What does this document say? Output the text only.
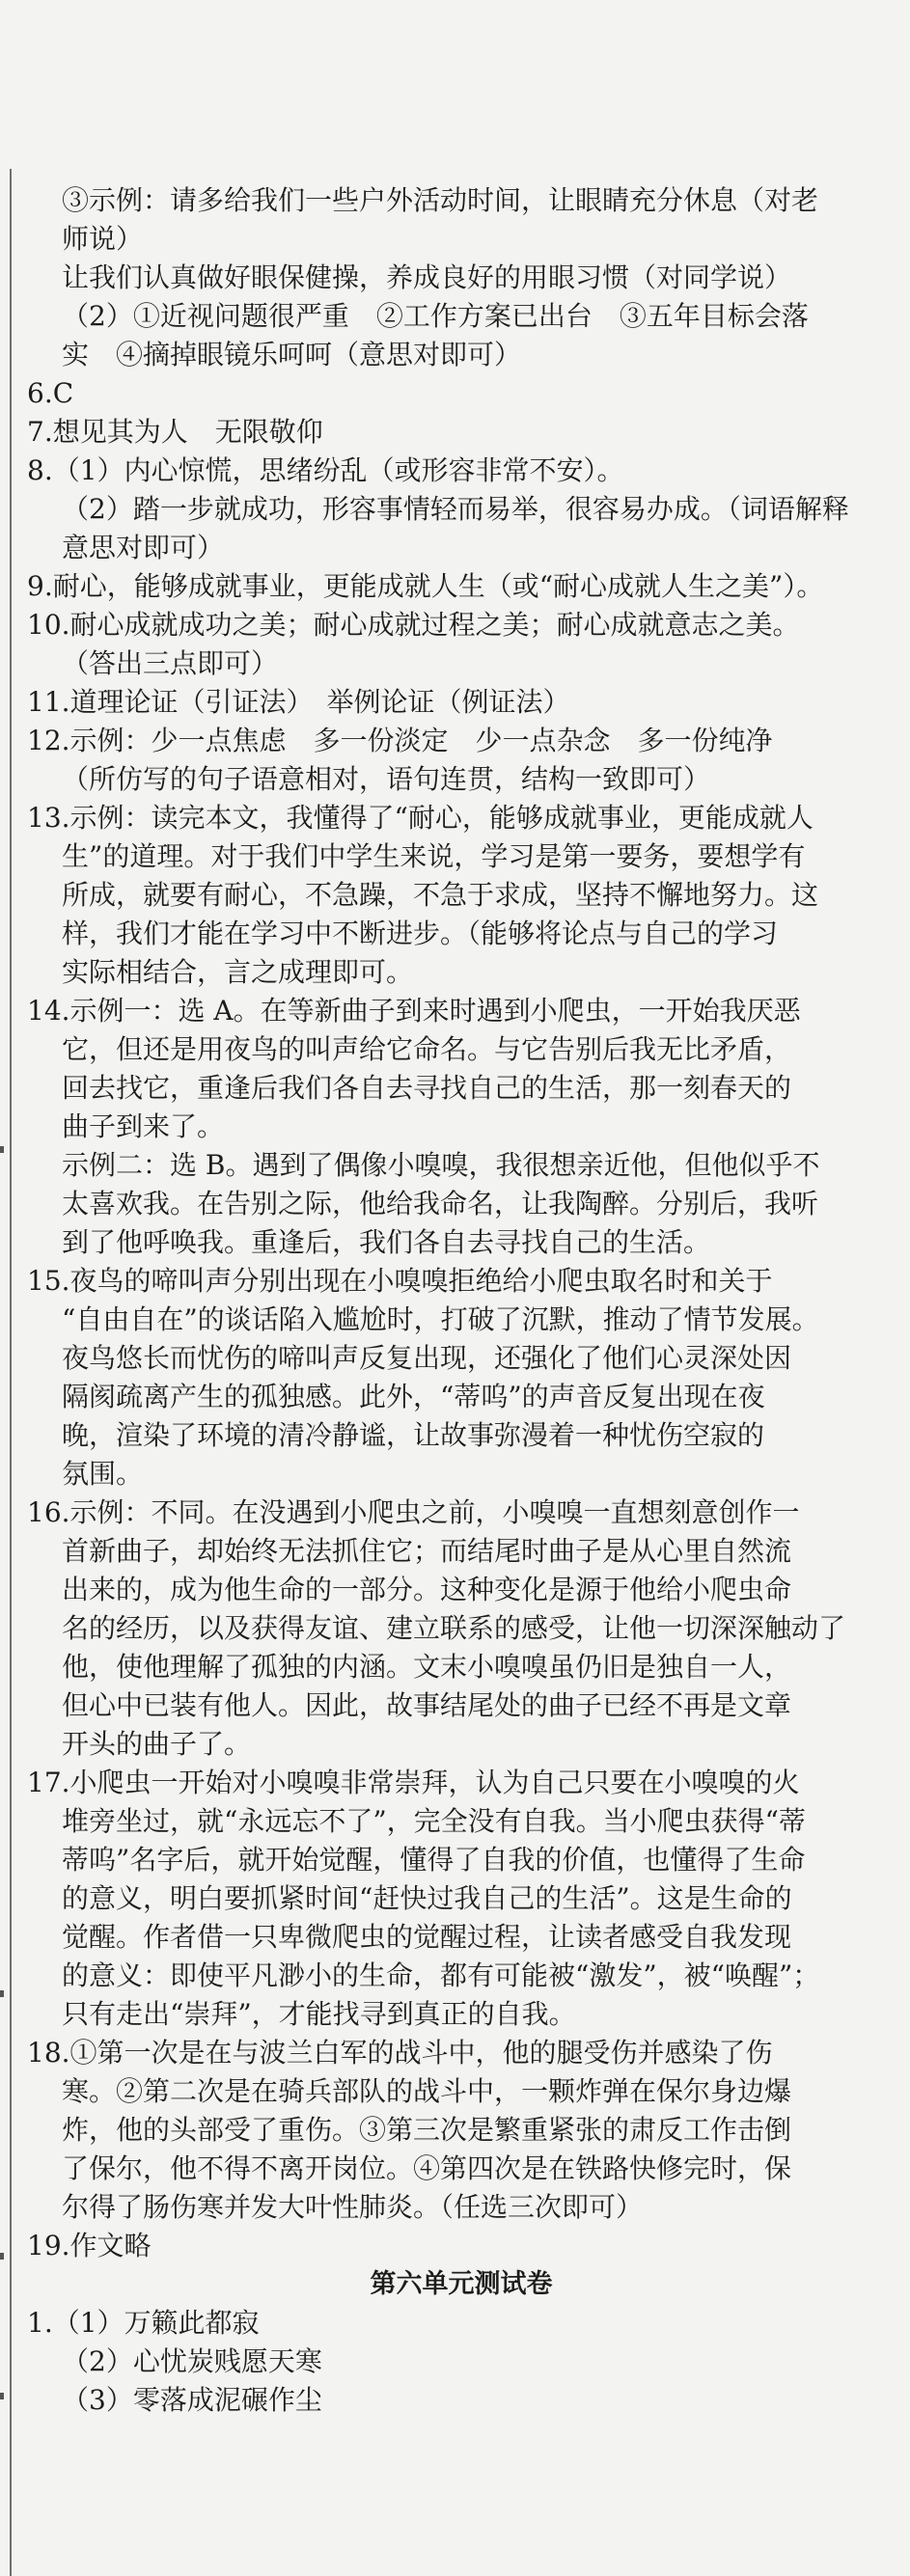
③示例：请多给我们一些户外活动时间，让眼睛充分休息（对老
师说）
让我们认真做好眼保健操，养成良好的用眼习惯（对同学说）
（2）①近视问题很严重　②工作方案已出台　③五年目标会落
实　④摘掉眼镜乐呵呵（意思对即可）
6.C
7.想见其为人　无限敬仰
8.（1）内心惊慌，思绪纷乱（或形容非常不安）。
（2）踏一步就成功，形容事情轻而易举，很容易办成。（词语解释
意思对即可）
9.耐心，能够成就事业，更能成就人生（或“耐心成就人生之美”）。
10.耐心成就成功之美；耐心成就过程之美；耐心成就意志之美。
（答出三点即可）
11.道理论证（引证法）　举例论证（例证法）
12.示例：少一点焦虑　多一份淡定　少一点杂念　多一份纯净
（所仿写的句子语意相对，语句连贯，结构一致即可）
13.示例：读完本文，我懂得了“耐心，能够成就事业，更能成就人
生”的道理。对于我们中学生来说，学习是第一要务，要想学有
所成，就要有耐心，不急躁，不急于求成，坚持不懈地努力。这
样，我们才能在学习中不断进步。（能够将论点与自己的学习
实际相结合，言之成理即可。
14.示例一：选 A。在等新曲子到来时遇到小爬虫，一开始我厌恶
它，但还是用夜鸟的叫声给它命名。与它告别后我无比矛盾，
回去找它，重逢后我们各自去寻找自己的生活，那一刻春天的
曲子到来了。
示例二：选 B。遇到了偶像小嗅嗅，我很想亲近他，但他似乎不
太喜欢我。在告别之际，他给我命名，让我陶醉。分别后，我听
到了他呼唤我。重逢后，我们各自去寻找自己的生活。
15.夜鸟的啼叫声分别出现在小嗅嗅拒绝给小爬虫取名时和关于
“自由自在”的谈话陷入尴尬时，打破了沉默，推动了情节发展。
夜鸟悠长而忧伤的啼叫声反复出现，还强化了他们心灵深处因
隔阂疏离产生的孤独感。此外，“蒂呜”的声音反复出现在夜
晚，渲染了环境的清冷静谧，让故事弥漫着一种忧伤空寂的
氛围。
16.示例：不同。在没遇到小爬虫之前，小嗅嗅一直想刻意创作一
首新曲子，却始终无法抓住它；而结尾时曲子是从心里自然流
出来的，成为他生命的一部分。这种变化是源于他给小爬虫命
名的经历，以及获得友谊、建立联系的感受，让他一切深深触动了
他，使他理解了孤独的内涵。文末小嗅嗅虽仍旧是独自一人，
但心中已装有他人。因此，故事结尾处的曲子已经不再是文章
开头的曲子了。
17.小爬虫一开始对小嗅嗅非常崇拜，认为自己只要在小嗅嗅的火
堆旁坐过，就“永远忘不了”，完全没有自我。当小爬虫获得“蒂
蒂呜”名字后，就开始觉醒，懂得了自我的价值，也懂得了生命
的意义，明白要抓紧时间“赶快过我自己的生活”。这是生命的
觉醒。作者借一只卑微爬虫的觉醒过程，让读者感受自我发现
的意义：即使平凡渺小的生命，都有可能被“激发”，被“唤醒”；
只有走出“崇拜”，才能找寻到真正的自我。
18.①第一次是在与波兰白军的战斗中，他的腿受伤并感染了伤
寒。②第二次是在骑兵部队的战斗中，一颗炸弹在保尔身边爆
炸，他的头部受了重伤。③第三次是繁重紧张的肃反工作击倒
了保尔，他不得不离开岗位。④第四次是在铁路快修完时，保
尔得了肠伤寒并发大叶性肺炎。（任选三次即可）
19.作文略
第六单元测试卷
1.（1）万籁此都寂
（2）心忧炭贱愿天寒
（3）零落成泥碾作尘
